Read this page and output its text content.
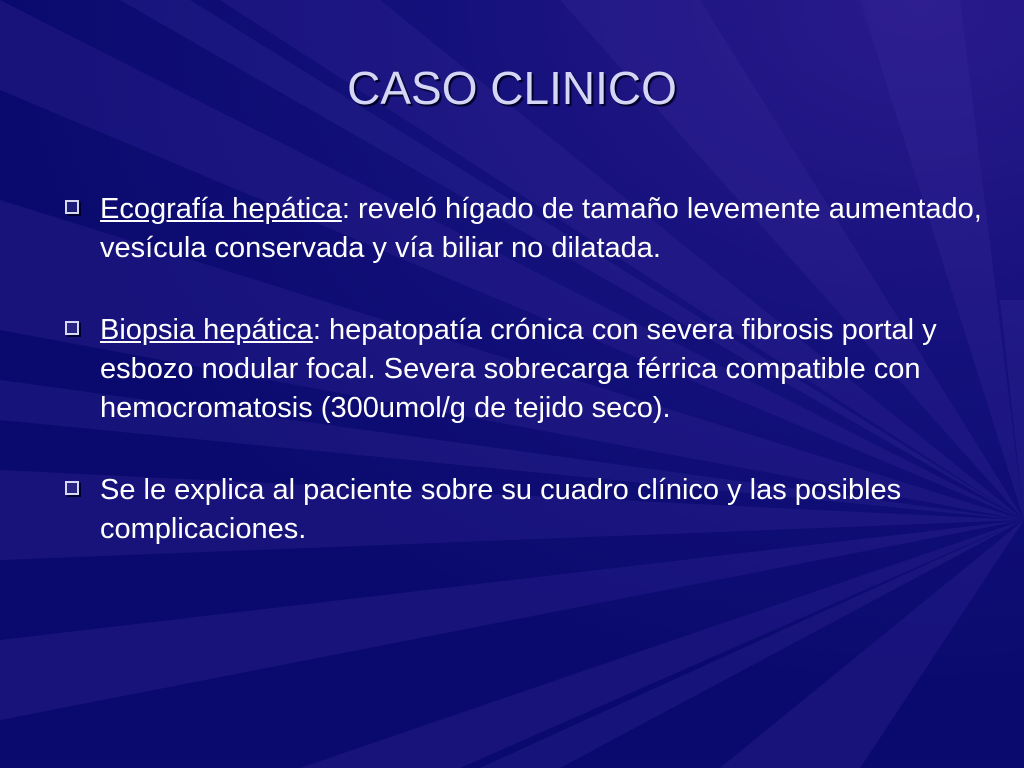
CASO CLINICO
Ecografía hepática: reveló hígado de tamaño levemente aumentado, vesícula conservada y vía biliar no dilatada.
Biopsia hepática: hepatopatía crónica con severa fibrosis portal y esbozo nodular focal. Severa sobrecarga férrica compatible con hemocromatosis (300umol/g de tejido seco).
Se le explica al paciente sobre su cuadro clínico y las posibles complicaciones.
